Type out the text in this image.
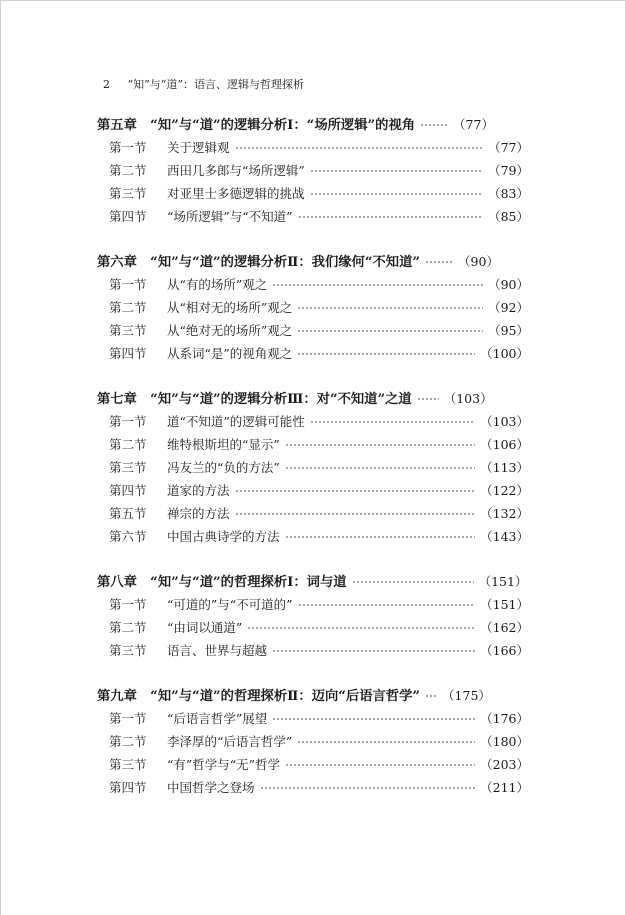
2 “知”与“道”：语言、逻辑与哲理探析
第五章　“知”与“道”的逻辑分析Ⅰ：“场所逻辑”的视角	（77）
第一节	关于逻辑观	（77）
第二节	西田几多郎与“场所逻辑”	（79）
第三节	对亚里士多德逻辑的挑战	（83）
第四节	“场所逻辑”与“不知道”	（85）
第六章　“知”与“道”的逻辑分析Ⅱ：我们缘何“不知道”	（90）
第一节	从“有的场所”观之	（90）
第二节	从“相对无的场所”观之	（92）
第三节	从“绝对无的场所”观之	（95）
第四节	从系词“是”的视角观之	（100）
第七章　“知”与“道”的逻辑分析Ⅲ：对“不知道”之道	（103）
第一节	道“不知道”的逻辑可能性	（103）
第二节	维特根斯坦的“显示”	（106）
第三节	冯友兰的“负的方法”	（113）
第四节	道家的方法	（122）
第五节	禅宗的方法	（132）
第六节	中国古典诗学的方法	（143）
第八章　“知”与“道”的哲理探析Ⅰ：词与道	（151）
第一节	“可道的”与“不可道的”	（151）
第二节	“由词以通道”	（162）
第三节	语言、世界与超越	（166）
第九章　“知”与“道”的哲理探析Ⅱ：迈向“后语言哲学” （175）
第一节	“后语言哲学”展望	（176）
第二节	李泽厚的“后语言哲学”	（180）
第三节	“有”哲学与“无”哲学	（203）
第四节	中国哲学之登场	（211）
